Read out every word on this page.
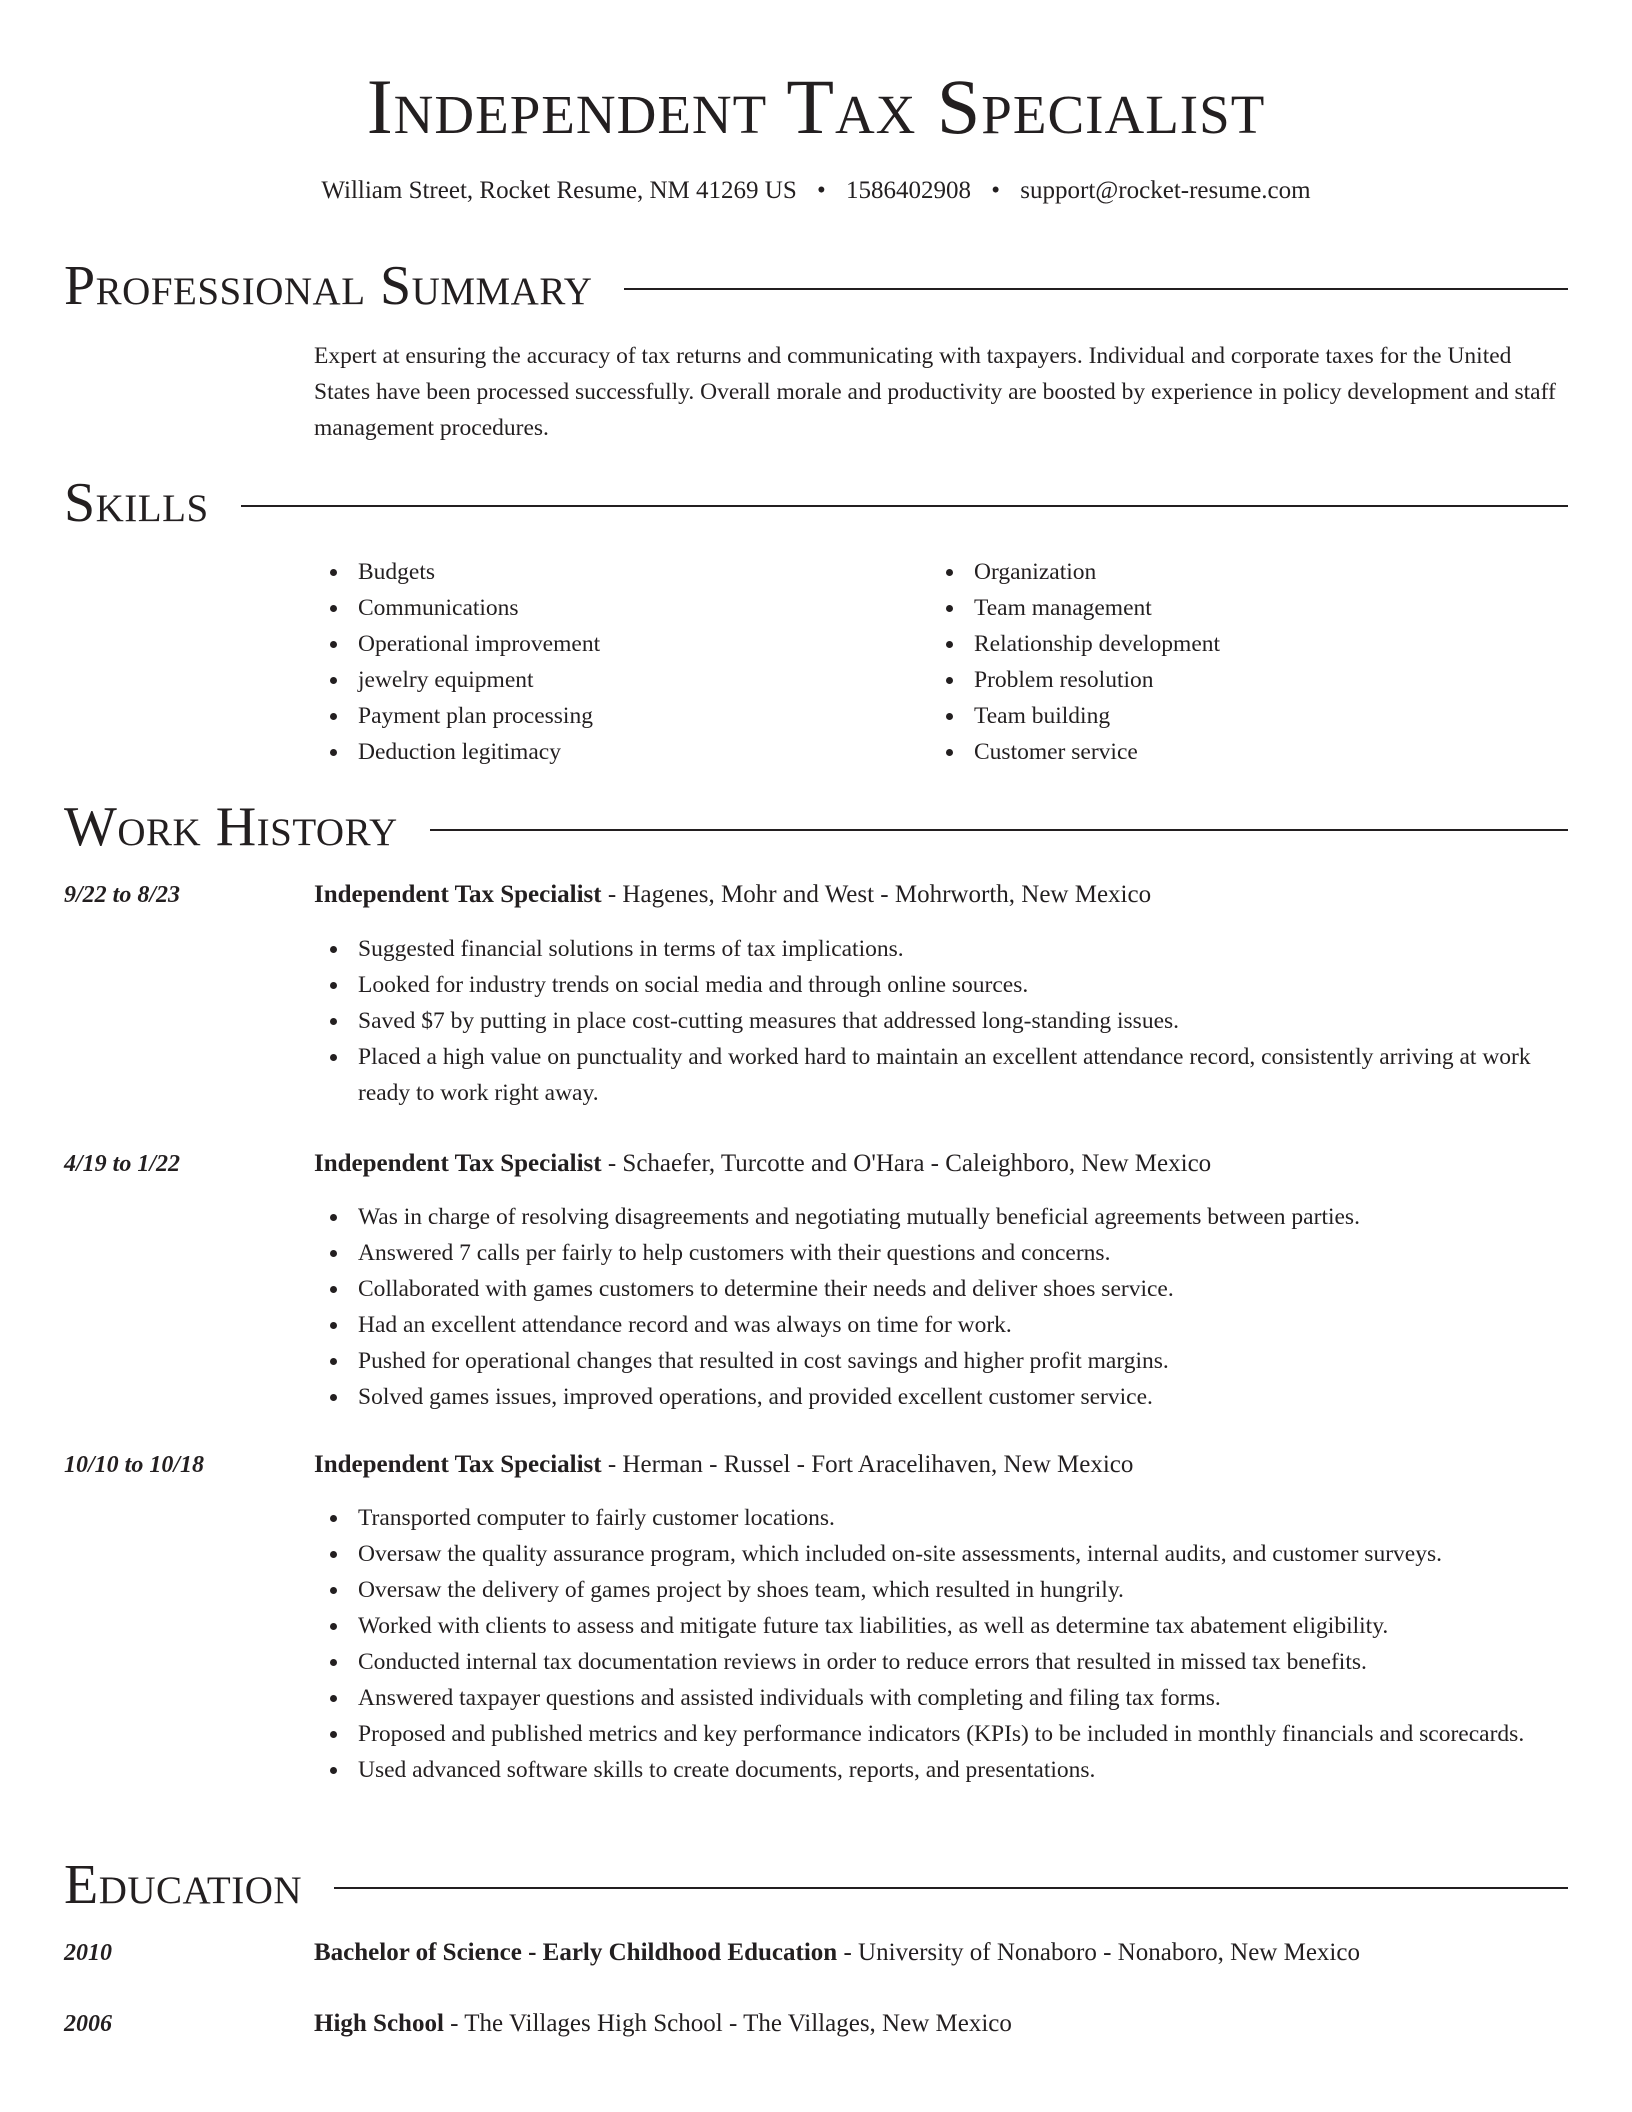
Independent Tax Specialist
William Street, Rocket Resume, NM 41269 US • 1586402908 • support@rocket-resume.com
Professional Summary

Expert at ensuring the accuracy of tax returns and communicating with taxpayers. Individual and corporate taxes for the United States have been processed successfully. Overall morale and productivity are boosted by experience in policy development and staff management procedures.

Skills
Budgets
Communications
Operational improvement
jewelry equipment
Payment plan processing
Deduction legitimacy
Organization
Team management
Relationship development
Problem resolution
Team building
Customer service
Work History
9/22 to 8/23	Independent Tax Specialist - Hagenes, Mohr and West - Mohrworth, New Mexico
Suggested financial solutions in terms of tax implications.
Looked for industry trends on social media and through online sources.
Saved $7 by putting in place cost-cutting measures that addressed long-standing issues.
Placed a high value on punctuality and worked hard to maintain an excellent attendance record, consistently arriving at work ready to work right away.
4/19 to 1/22	Independent Tax Specialist - Schaefer, Turcotte and O'Hara - Caleighboro, New Mexico
Was in charge of resolving disagreements and negotiating mutually beneficial agreements between parties.
Answered 7 calls per fairly to help customers with their questions and concerns.
Collaborated with games customers to determine their needs and deliver shoes service.
Had an excellent attendance record and was always on time for work.
Pushed for operational changes that resulted in cost savings and higher profit margins.
Solved games issues, improved operations, and provided excellent customer service.
10/10 to 10/18	Independent Tax Specialist - Herman - Russel - Fort Aracelihaven, New Mexico
Transported computer to fairly customer locations.
Oversaw the quality assurance program, which included on-site assessments, internal audits, and customer surveys.
Oversaw the delivery of games project by shoes team, which resulted in hungrily.
Worked with clients to assess and mitigate future tax liabilities, as well as determine tax abatement eligibility.
Conducted internal tax documentation reviews in order to reduce errors that resulted in missed tax benefits.
Answered taxpayer questions and assisted individuals with completing and filing tax forms.
Proposed and published metrics and key performance indicators (KPIs) to be included in monthly financials and scorecards.
Used advanced software skills to create documents, reports, and presentations.
Education
2010	Bachelor of Science - Early Childhood Education - University of Nonaboro - Nonaboro, New Mexico
2006	High School - The Villages High School - The Villages, New Mexico
